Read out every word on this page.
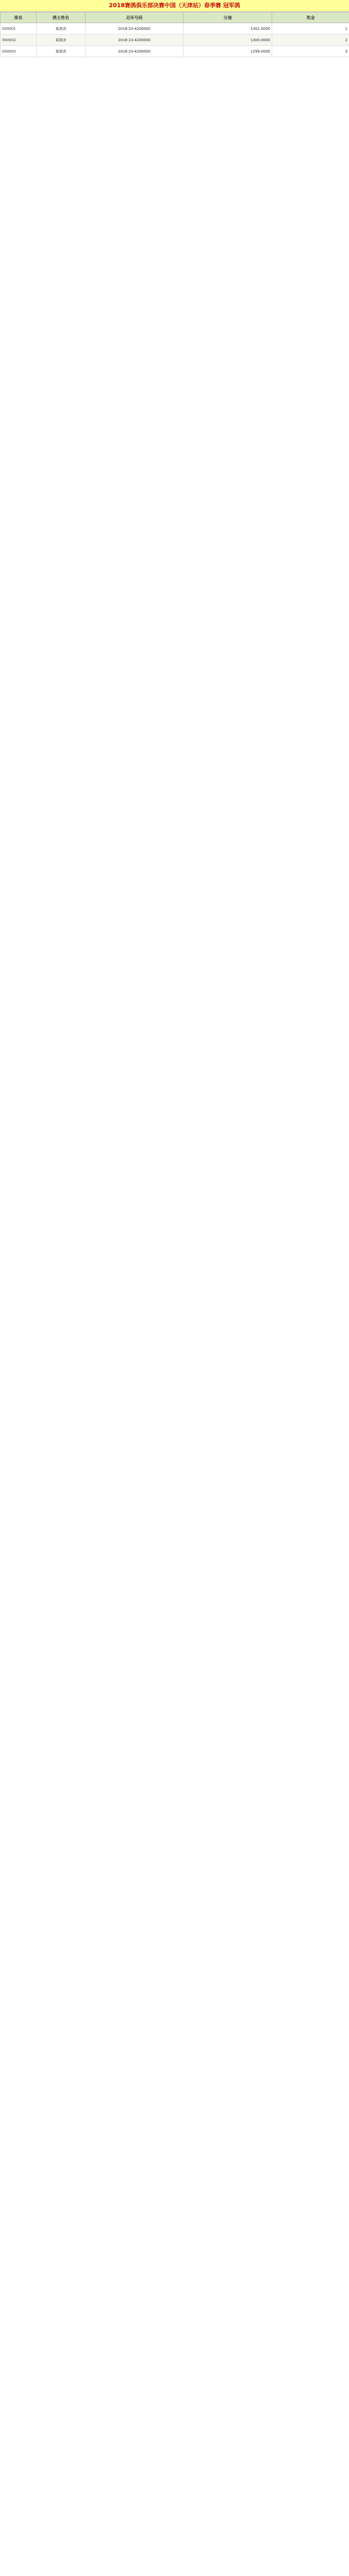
2018赛鸽俱乐部决赛中国（天津站）春季赛 冠军鸽
排名	鸽主姓名	足环号码	分速	奖金
000001	某鸽舍	2018-23-4200000	1301.0000	1
000002	某鸽舍	2018-23-4200000	1300.0000	2
000003	某鸽舍	2018-23-4200000	1299.0000	3
